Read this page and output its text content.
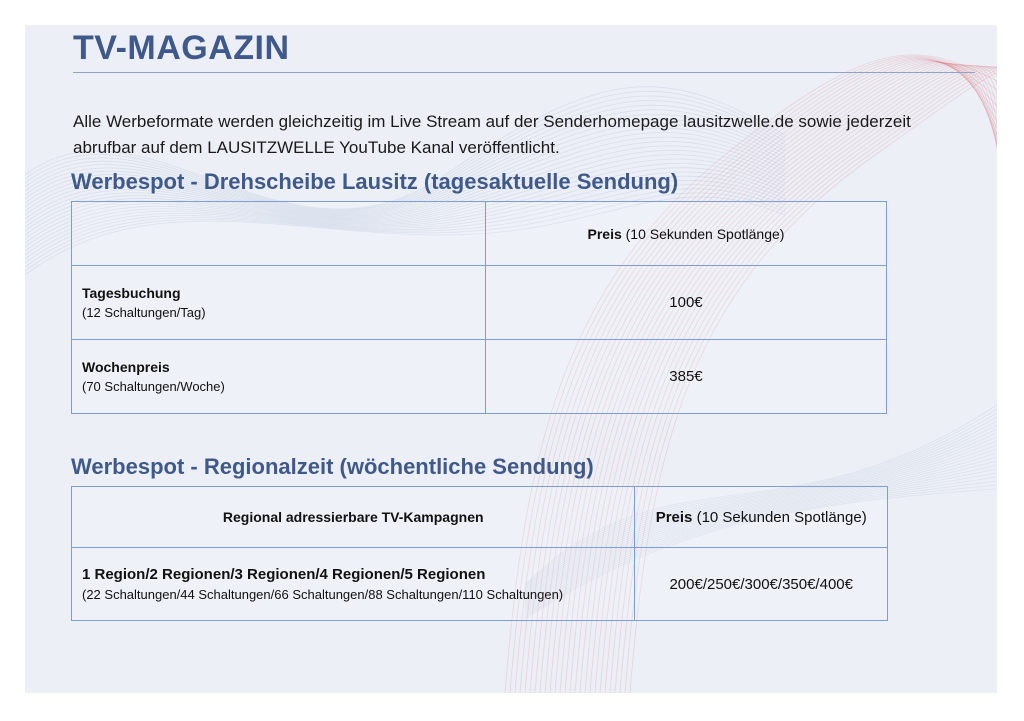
TV-MAGAZIN

Alle Werbeformate werden gleichzeitig im Live Stream auf der Senderhomepage lausitzwelle.de sowie jederzeit abrufbar auf dem LAUSITZWELLE YouTube Kanal veröffentlicht.

Werbespot - Drehscheibe Lausitz (tagesaktuelle Sendung)
	Preis (10 Sekunden Spotlänge)

Tagesbuchung
(12 Schaltungen/Tag)	100€

Wochenpreis
(70 Schaltungen/Woche)	385€
Werbespot - Regionalzeit (wöchentliche Sendung)
Regional adressierbare TV-Kampagnen	Preis (10 Sekunden Spotlänge)

1 Region/2 Regionen/3 Regionen/4 Regionen/5 Regionen
(22 Schaltungen/44 Schaltungen/66 Schaltungen/88 Schaltungen/110 Schaltungen)	200€/250€/300€/350€/400€
